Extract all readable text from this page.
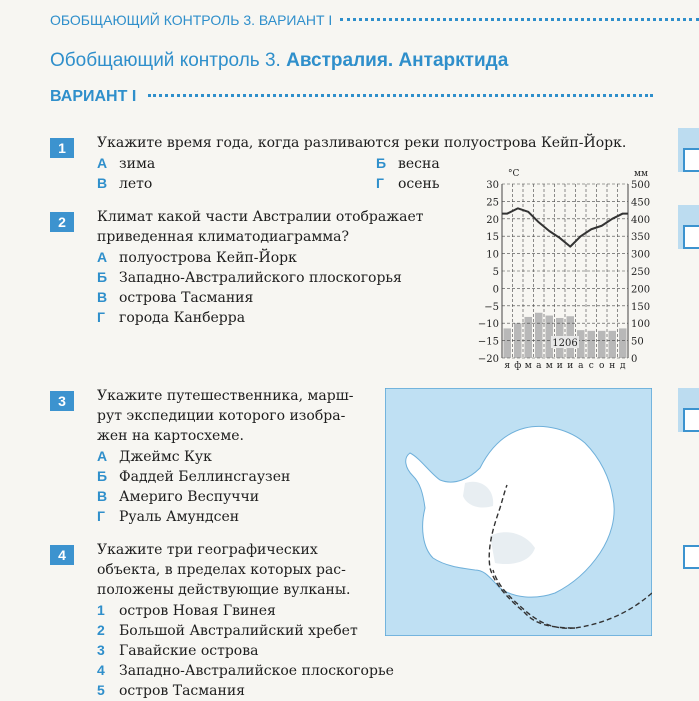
ОБОБЩАЮЩИЙ КОНТРОЛЬ 3. ВАРИАНТ I
Обобщающий контроль 3. Австралия. Антарктида
ВАРИАНТ I
1	Укажите время года, когда разливаются реки полуострова Кейп-Йорк.
А зима	Б весна
В лето	Г осень
2	Климат какой части Австралии отображает
приведенная климатодиаграмма?
А полуострова Кейп-Йорк
Б Западно-Австралийского плоскогорья
В острова Тасмания
Г города Канберра
30	500
25	450
20	400
15	350
10	300
5	250
0	200
−5	150
−10	100
−15	50
−20	0
я ф м а м и и а с о н д
°C	мм
1206
3	Укажите путешественника, марш-
рут экспедиции которого изобра-
жен на картосхеме.
А Джеймс Кук
Б Фаддей Беллинсгаузен
В Америго Веспуччи
Г Руаль Амундсен
4	Укажите три географических
объекта, в пределах которых рас-
положены действующие вулканы.
1 остров Новая Гвинея
2 Большой Австралийский хребет
3 Гавайские острова
4 Западно-Австралийское плоскогорье
5 остров Тасмания
